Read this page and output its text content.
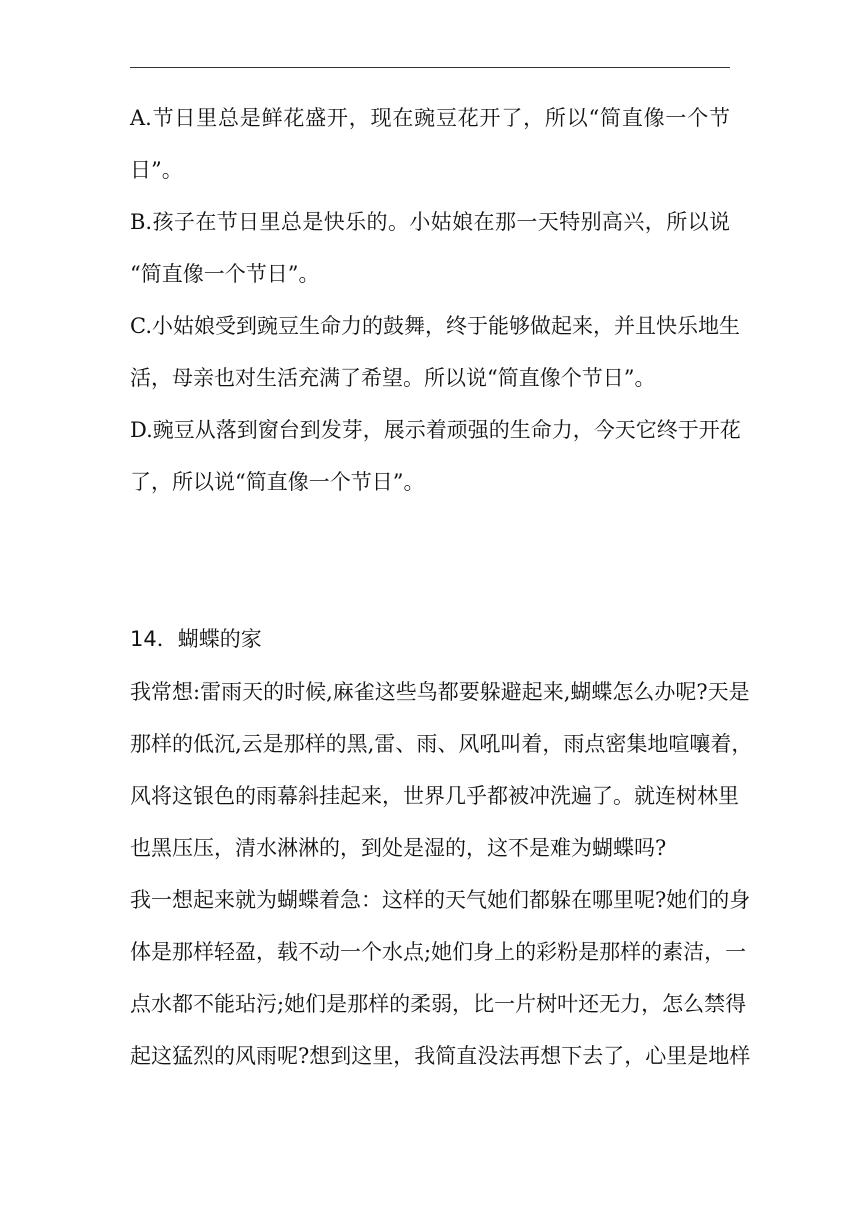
A.节日里总是鲜花盛开，现在豌豆花开了，所以“简直像一个节
日”。
B.孩子在节日里总是快乐的。小姑娘在那一天特别高兴，所以说
“简直像一个节日”。
C.小姑娘受到豌豆生命力的鼓舞，终于能够做起来，并且快乐地生
活，母亲也对生活充满了希望。所以说“简直像个节日”。
D.豌豆从落到窗台到发芽，展示着顽强的生命力，今天它终于开花
了，所以说“简直像一个节日”。
14．蝴蝶的家
我常想:雷雨天的时候,麻雀这些鸟都要躲避起来,蝴蝶怎么办呢?天是
那样的低沉,云是那样的黑,雷、雨、风吼叫着，雨点密集地喧嚷着，
风将这银色的雨幕斜挂起来，世界几乎都被冲洗遍了。就连树林里
也黑压压，清水淋淋的，到处是湿的，这不是难为蝴蝶吗?
我一想起来就为蝴蝶着急：这样的天气她们都躲在哪里呢?她们的身
体是那样轻盈，载不动一个水点;她们身上的彩粉是那样的素洁，一
点水都不能玷污;她们是那样的柔弱，比一片树叶还无力，怎么禁得
起这猛烈的风雨呢?想到这里，我简直没法再想下去了，心里是地样
